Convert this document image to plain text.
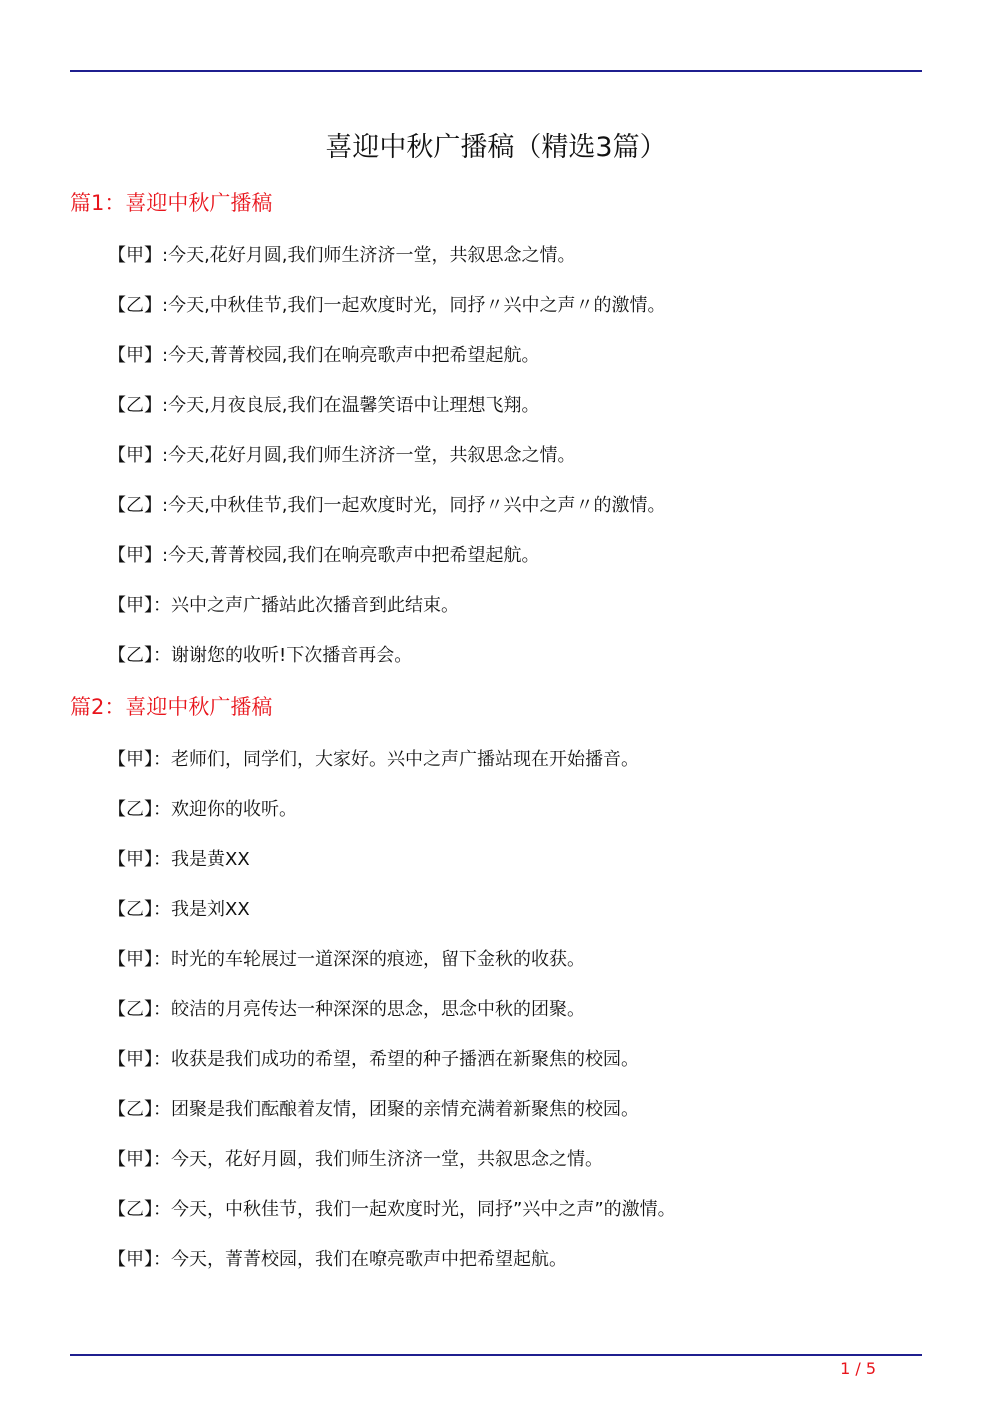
喜迎中秋广播稿（精选3篇）
篇1：喜迎中秋广播稿
【甲】:今天,花好月圆,我们师生济济一堂，共叙思念之情。
【乙】:今天,中秋佳节,我们一起欢度时光，同抒〃兴中之声〃的激情。
【甲】:今天,菁菁校园,我们在响亮歌声中把希望起航。
【乙】:今天,月夜良辰,我们在温馨笑语中让理想飞翔。
【甲】:今天,花好月圆,我们师生济济一堂，共叙思念之情。
【乙】:今天,中秋佳节,我们一起欢度时光，同抒〃兴中之声〃的激情。
【甲】:今天,菁菁校园,我们在响亮歌声中把希望起航。
【甲】：兴中之声广播站此次播音到此结束。
【乙】：谢谢您的收听!下次播音再会。
篇2：喜迎中秋广播稿
【甲】：老师们，同学们，大家好。兴中之声广播站现在开始播音。
【乙】：欢迎你的收听。
【甲】：我是黄XX
【乙】：我是刘XX
【甲】：时光的车轮展过一道深深的痕迹，留下金秋的收获。
【乙】：皎洁的月亮传达一种深深的思念，思念中秋的团聚。
【甲】：收获是我们成功的希望，希望的种子播洒在新聚焦的校园。
【乙】：团聚是我们酝酿着友情，团聚的亲情充满着新聚焦的校园。
【甲】：今天，花好月圆，我们师生济济一堂，共叙思念之情。
【乙】：今天，中秋佳节，我们一起欢度时光，同抒”兴中之声”的激情。
【甲】：今天，菁菁校园，我们在嘹亮歌声中把希望起航。
1 / 5
